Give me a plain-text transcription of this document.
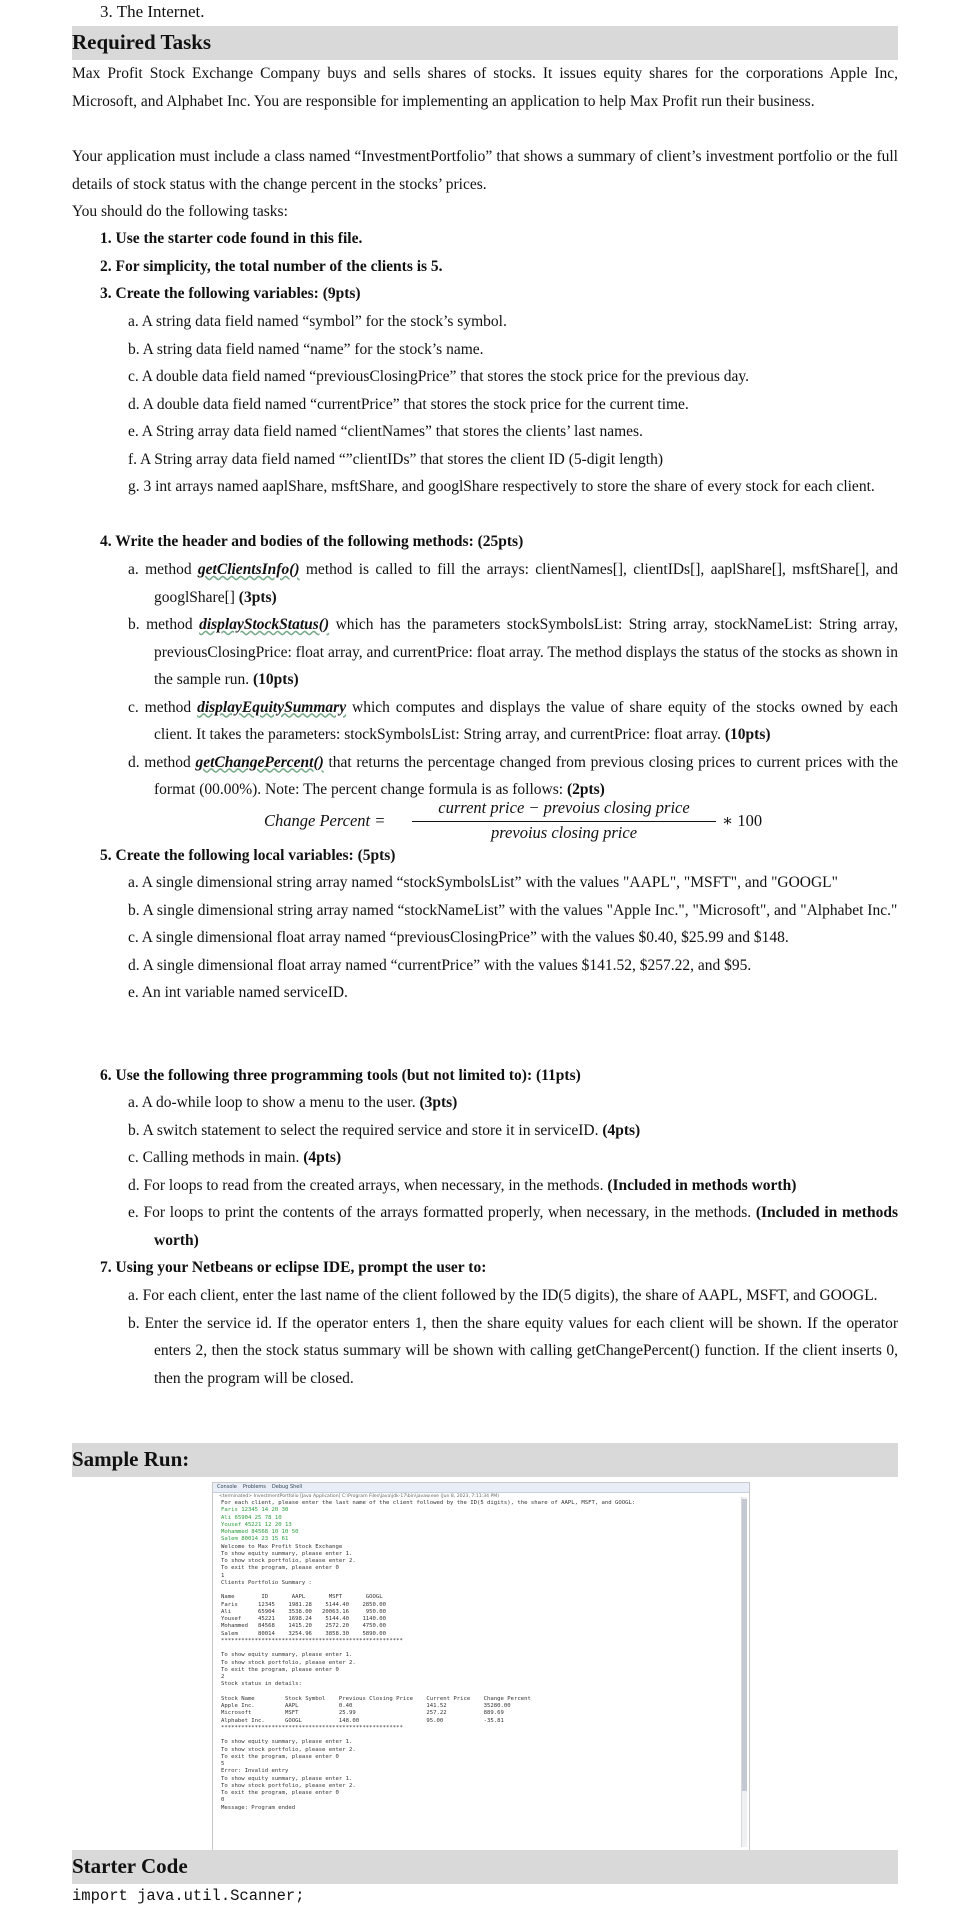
3. The Internet.
Required Tasks
Max Profit Stock Exchange Company buys and sells shares of stocks. It issues equity shares for the corporations Apple Inc, Microsoft, and Alphabet Inc. You are responsible for implementing an application to help Max Profit run their business.
Your application must include a class named “InvestmentPortfolio” that shows a summary of client’s investment portfolio or the full details of stock status with the change percent in the stocks’ prices.
You should do the following tasks:
1. Use the starter code found in this file.
2. For simplicity, the total number of the clients is 5.
3. Create the following variables: (9pts)
a. A string data field named “symbol” for the stock’s symbol.
b. A string data field named “name” for the stock’s name.
c. A double data field named “previousClosingPrice” that stores the stock price for the previous day.
d. A double data field named “currentPrice” that stores the stock price for the current time.
e. A String array data field named “clientNames” that stores the clients’ last names.
f. A String array data field named “”clientIDs” that stores the client ID (5-digit length)
g. 3 int arrays named aaplShare, msftShare, and googlShare respectively to store the share of every stock for each client.
4. Write the header and bodies of the following methods: (25pts)
a. method getClientsInfo() method is called to fill the arrays: clientNames[], clientIDs[], aaplShare[], msftShare[], and googlShare[] (3pts)
b. method displayStockStatus() which has the parameters stockSymbolsList: String array, stockNameList: String array, previousClosingPrice: float array, and currentPrice: float array. The method displays the status of the stocks as shown in the sample run. (10pts)
c. method displayEquitySummary which computes and displays the value of share equity of the stocks owned by each client. It takes the parameters: stockSymbolsList: String array, and currentPrice: float array. (10pts)
d. method getChangePercent() that returns the percentage changed from previous closing prices to current prices with the format (00.00%). Note: The percent change formula is as follows: (2pts)
Change Percent =
current price − prevoius closing price
prevoius closing price
∗ 100
5. Create the following local variables: (5pts)
a. A single dimensional string array named “stockSymbolsList” with the values "AAPL", "MSFT", and "GOOGL"
b. A single dimensional string array named “stockNameList” with the values "Apple Inc.", "Microsoft", and "Alphabet Inc."
c. A single dimensional float array named “previousClosingPrice” with the values $0.40, $25.99 and $148.
d. A single dimensional float array named “currentPrice” with the values $141.52, $257.22, and $95.
e. An int variable named serviceID.
6. Use the following three programming tools (but not limited to): (11pts)
a. A do-while loop to show a menu to the user. (3pts)
b. A switch statement to select the required service and store it in serviceID. (4pts)
c. Calling methods in main. (4pts)
d. For loops to read from the created arrays, when necessary, in the methods. (Included in methods worth)
e. For loops to print the contents of the arrays formatted properly, when necessary, in the methods. (Included in methods worth)
7. Using your Netbeans or eclipse IDE, prompt the user to:
a. For each client, enter the last name of the client followed by the ID(5 digits), the share of AAPL, MSFT, and GOOGL.
b. Enter the service id. If the operator enters 1, then the share equity values for each client will be shown. If the operator enters 2, then the stock status summary will be shown with calling getChangePercent() function. If the client inserts 0, then the program will be closed.
Sample Run:
Console Problems Debug Shell
<terminated> InvestmentPortfolio [Java Application] C:\Program Files\Java\jdk-17\bin\javaw.exe (Jun 8, 2023, 7:11:34 PM)
For each client, please enter the last name of the client followed by the ID(5 digits), the share of AAPL, MSFT, and GOOGL:
Faris 12345 14 20 30
Ali 65904 25 78 10
Yousef 45221 12 20 13
Mohammed 84568 10 10 50
Salem 80014 23 15 61
Welcome to Max Profit Stock Exchange
To show equity summary, please enter 1.
To show stock portfolio, please enter 2.
To exit the program, please enter 0
1
Clients Portfolio Summary :

Name        ID       AAPL       MSFT       GOOGL
Faris      12345    1981.28    5144.40    2850.00
Ali        65904    3538.00   20063.16     950.00
Yousef     45221    1698.24    5144.40    1140.00
Mohammed   84568    1415.20    2572.20    4750.00
Salem      80014    3254.96    3858.30    5890.00
******************************************************

To show equity summary, please enter 1.
To show stock portfolio, please enter 2.
To exit the program, please enter 0
2
Stock status in details:

Stock Name         Stock Symbol    Previous Closing Price    Current Price    Change Percent
Apple Inc.         AAPL            0.40                      141.52           35280.00
Microsoft          MSFT            25.99                     257.22           889.69
Alphabet Inc.      GOOGL           148.00                    95.00            -35.81
******************************************************

To show equity summary, please enter 1.
To show stock portfolio, please enter 2.
To exit the program, please enter 0
5
Error: Invalid entry
To show equity summary, please enter 1.
To show stock portfolio, please enter 2.
To exit the program, please enter 0
0
Message: Program ended
Starter Code
import java.util.Scanner;
